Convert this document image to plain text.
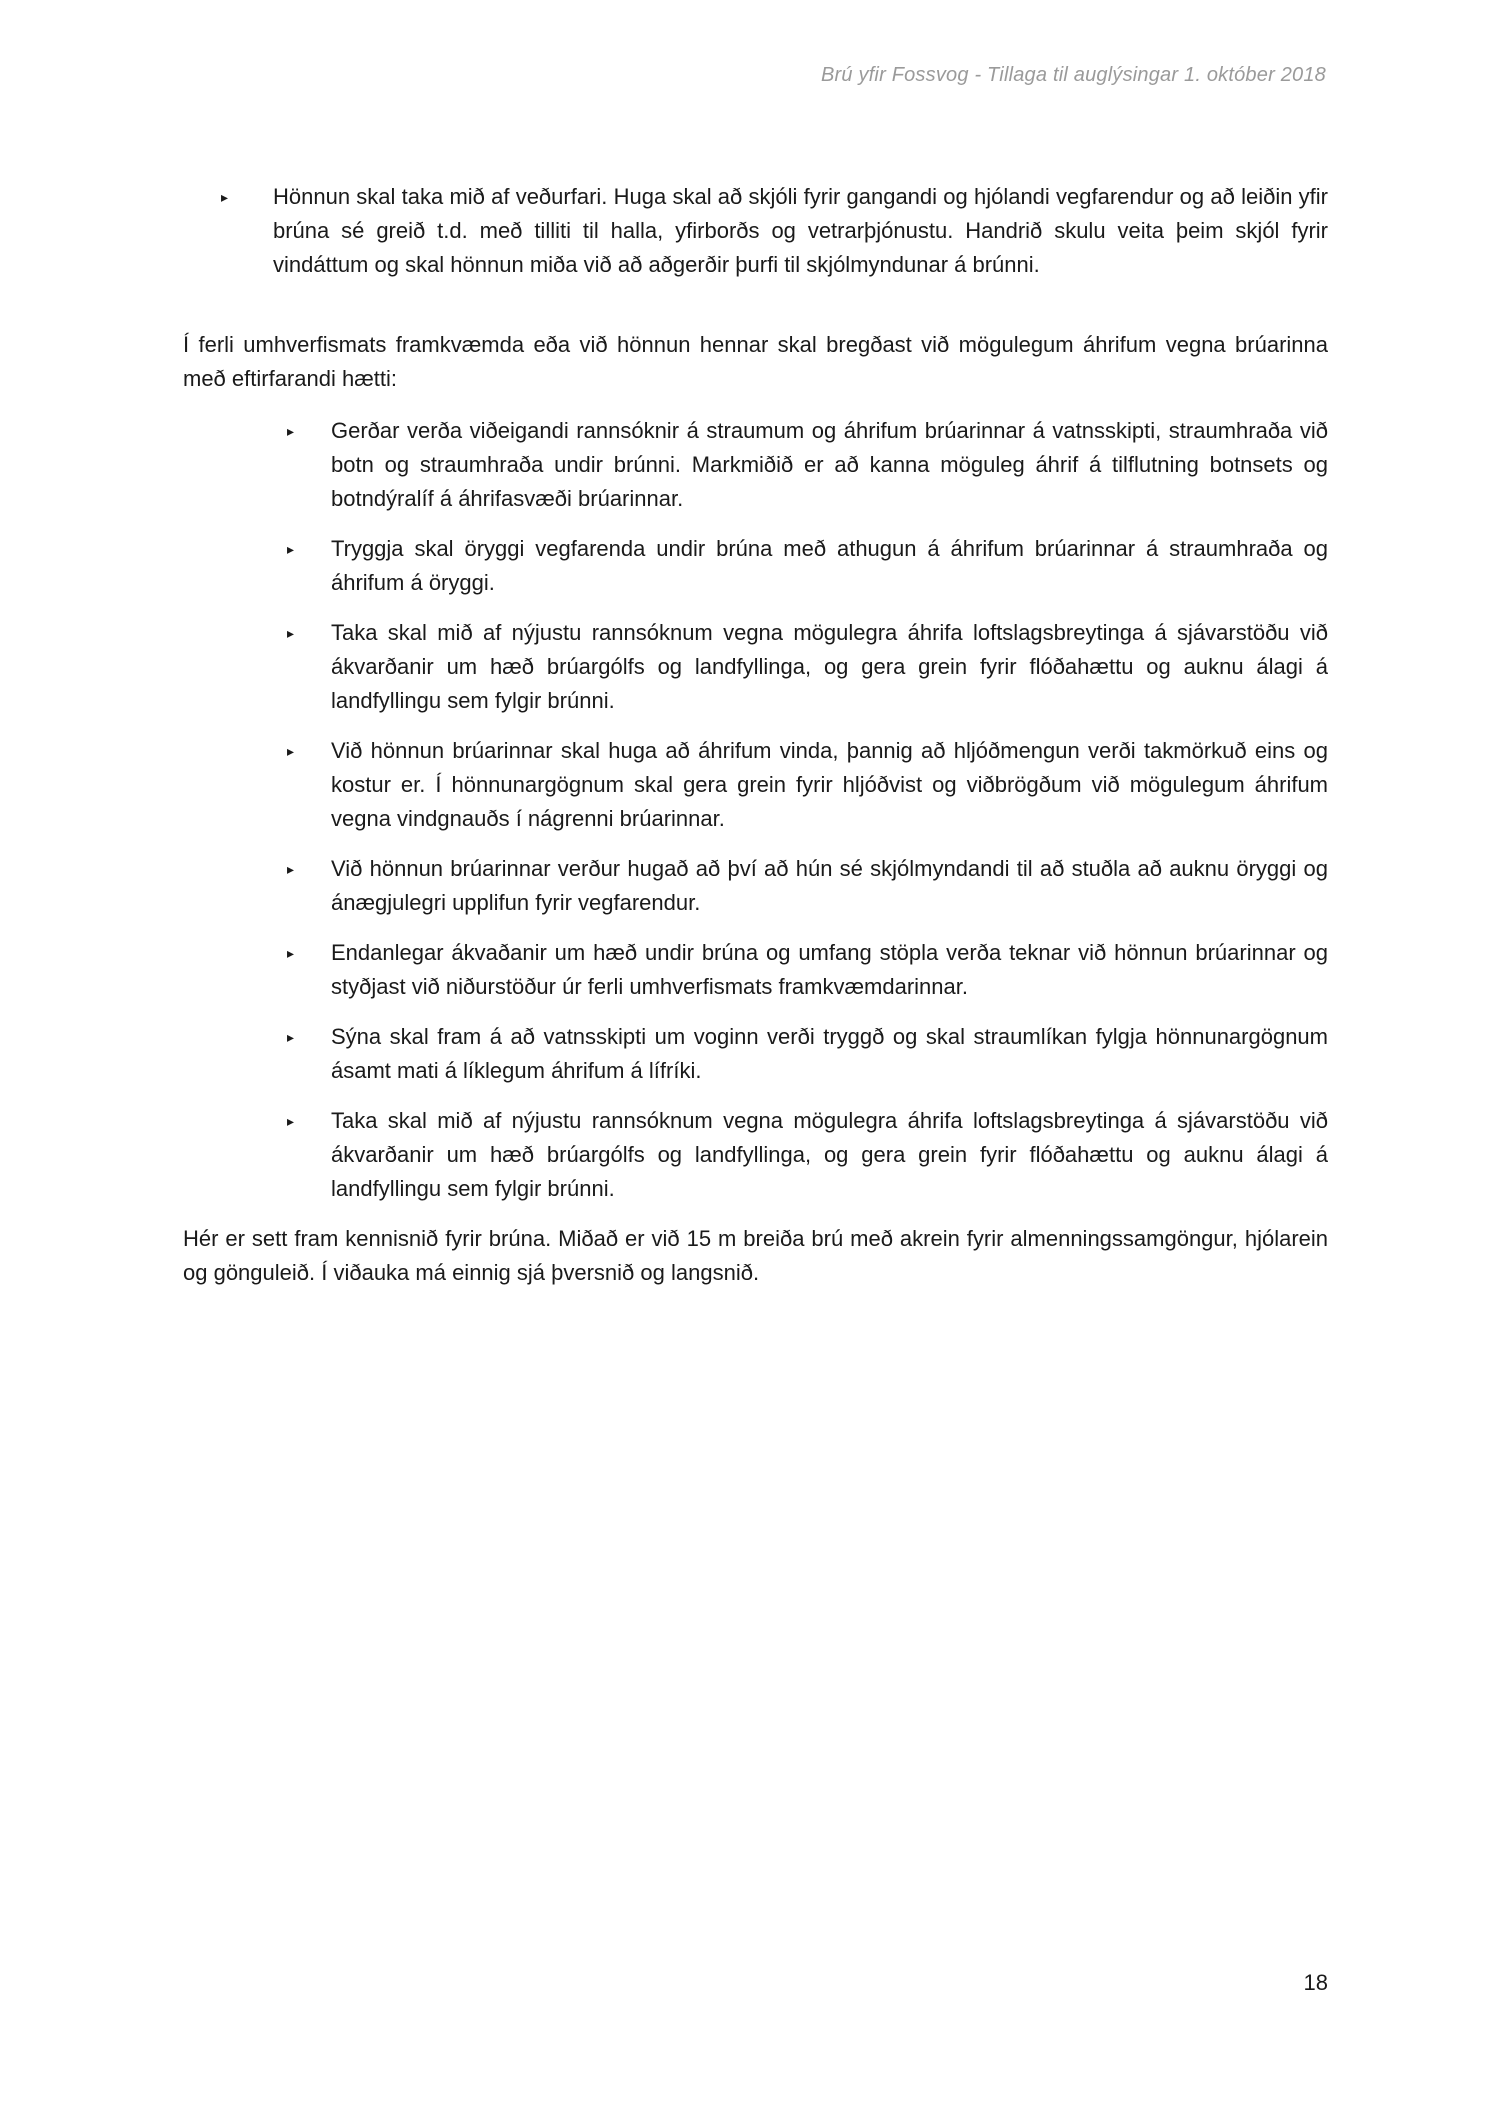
Brú yfir Fossvog - Tillaga til auglýsingar 1. október 2018
▸ Hönnun skal taka mið af veðurfari. Huga skal að skjóli fyrir gangandi og hjólandi vegfarendur og að leiðin yfir brúna sé greið t.d. með tilliti til halla, yfirborðs og vetrarþjónustu. Handrið skulu veita þeim skjól fyrir vindáttum og skal hönnun miða við að aðgerðir þurfi til skjólmyndunar á brúnni.

Í ferli umhverfismats framkvæmda eða við hönnun hennar skal bregðast við mögulegum áhrifum vegna brúarinna með eftirfarandi hætti:

▸ Gerðar verða viðeigandi rannsóknir á straumum og áhrifum brúarinnar á vatnsskipti, straumhraða við botn og straumhraða undir brúnni. Markmiðið er að kanna möguleg áhrif á tilflutning botnsets og botndýralíf á áhrifasvæði brúarinnar.
▸ Tryggja skal öryggi vegfarenda undir brúna með athugun á áhrifum brúarinnar á straumhraða og áhrifum á öryggi.
▸ Taka skal mið af nýjustu rannsóknum vegna mögulegra áhrifa loftslagsbreytinga á sjávarstöðu við ákvarðanir um hæð brúargólfs og landfyllinga, og gera grein fyrir flóðahættu og auknu álagi á landfyllingu sem fylgir brúnni.
▸ Við hönnun brúarinnar skal huga að áhrifum vinda, þannig að hljóðmengun verði takmörkuð eins og kostur er. Í hönnunargögnum skal gera grein fyrir hljóðvist og viðbrögðum við mögulegum áhrifum vegna vindgnauðs í nágrenni brúarinnar.
▸ Við hönnun brúarinnar verður hugað að því að hún sé skjólmyndandi til að stuðla að auknu öryggi og ánægjulegri upplifun fyrir vegfarendur.
▸ Endanlegar ákvaðanir um hæð undir brúna og umfang stöpla verða teknar við hönnun brúarinnar og styðjast við niðurstöður úr ferli umhverfismats framkvæmdarinnar.
▸ Sýna skal fram á að vatnsskipti um voginn verði tryggð og skal straumlíkan fylgja hönnunargögnum ásamt mati á líklegum áhrifum á lífríki.
▸ Taka skal mið af nýjustu rannsóknum vegna mögulegra áhrifa loftslagsbreytinga á sjávarstöðu við ákvarðanir um hæð brúargólfs og landfyllinga, og gera grein fyrir flóðahættu og auknu álagi á landfyllingu sem fylgir brúnni.

Hér er sett fram kennisnið fyrir brúna. Miðað er við 15 m breiða brú með akrein fyrir almenningssamgöngur, hjólarein og gönguleið. Í viðauka má einnig sjá þversnið og langsnið.

18
